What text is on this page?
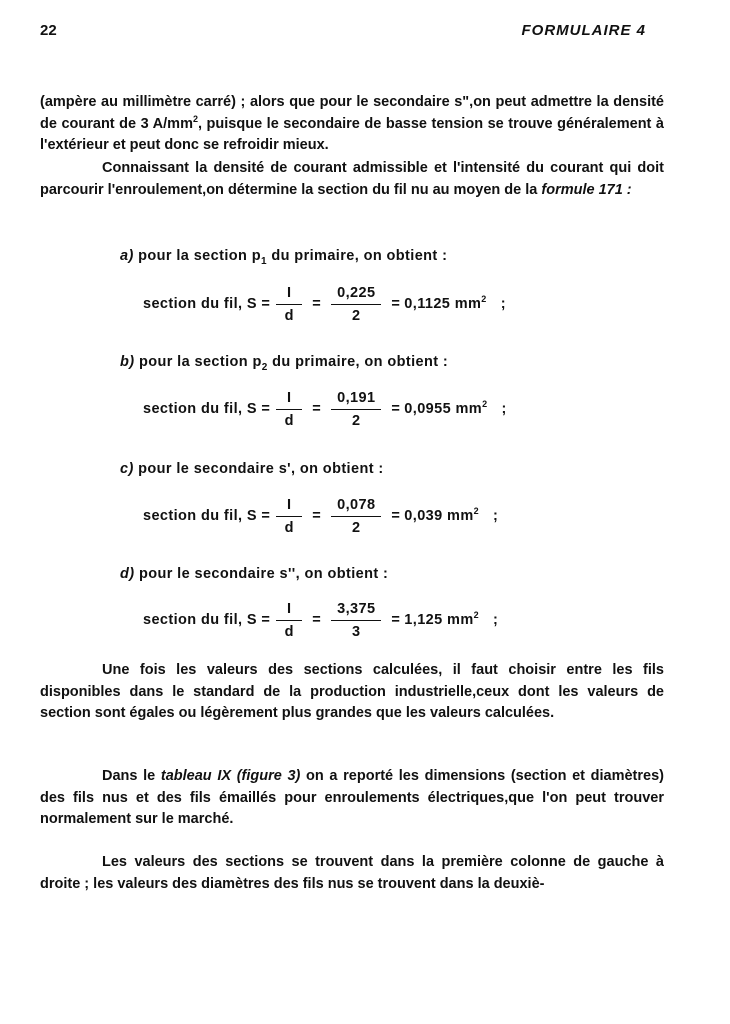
22	FORMULAIRE 4

(ampère au millimètre carré) ; alors que pour le secondaire s",on peut admettre la densité de courant de 3 $A/mm^2$, puisque le secondaire de basse tension se trouve généralement à l'extérieur et peut donc se refroidir mieux.

Connaissant la densité de courant admissible et l'intensité du courant qui doit parcourir l'enroulement,on détermine la section du fil nu au moyen de la formule 171 :

a) pour la section $p_1$ du primaire, on obtient :
section du fil, $S = \frac{I}{d} = \frac{0,225}{2} = 0,1125$
$mm^2$ ;
b) pour la section $p_2$ du primaire, on obtient :
section du fil, $S = \frac{I}{d} = \frac{0,191}{2} = 0,0955$
$mm^2$ ;
c) pour le secondaire s', on obtient :
section du fil, $S = \frac{I}{d} = \frac{0,078}{2} = 0,039$
$mm^2$ ;
d) pour le secondaire s'', on obtient :
section du fil, $S = \frac{I}{d} = \frac{3,375}{3} = 1,125$
$mm^2$ ;

Une fois les valeurs des sections calculées, il faut choisir entre les fils disponibles dans le standard de la production industrielle,ceux dont les valeurs de section sont égales ou légèrement plus grandes que les valeurs calculées.

Dans le tableau IX (figure 3) on a reporté les dimensions (section et diamètres) des fils nus et des fils émaillés pour enroulements électriques,que l'on peut trouver normalement sur le marché.

Les valeurs des sections se trouvent dans la première colonne de gauche à droite ; les valeurs des diamètres des fils nus se trouvent dans la deuxiè-
